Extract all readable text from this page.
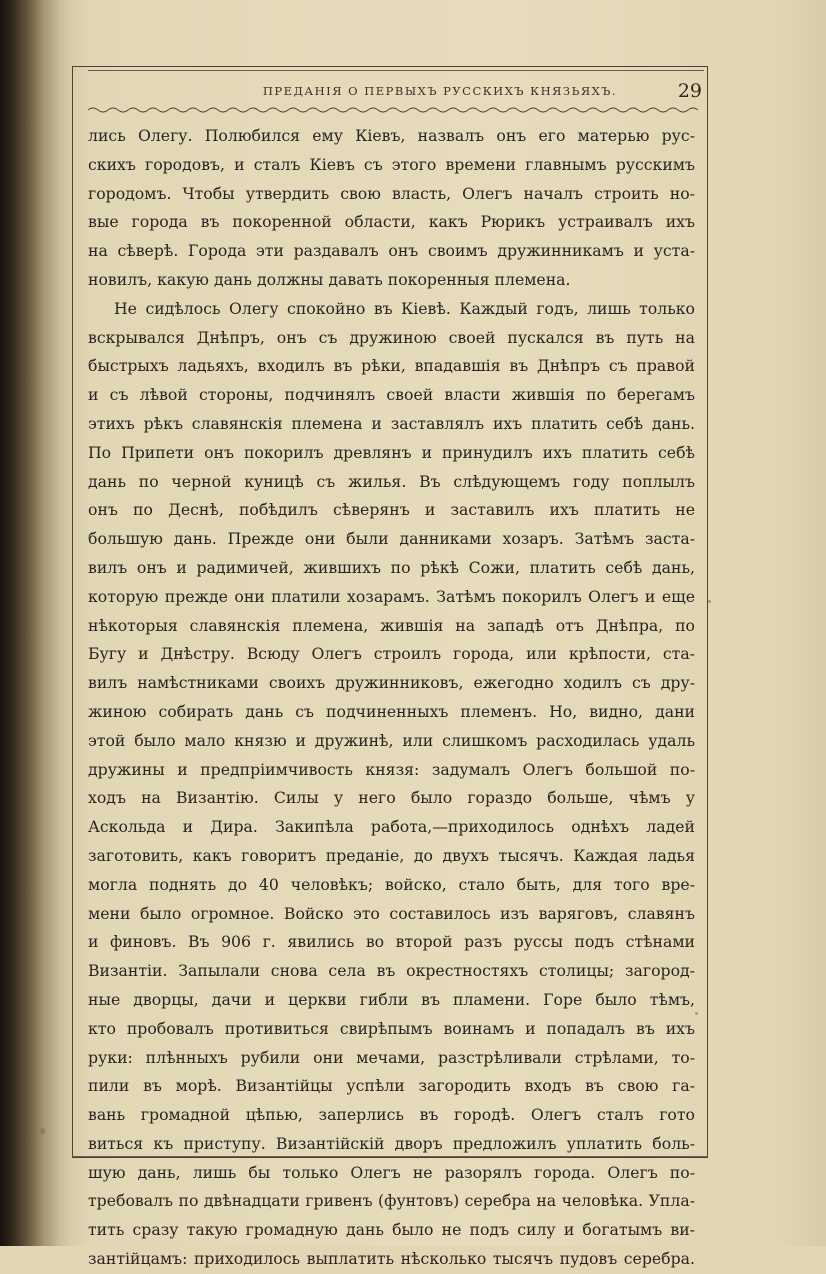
ПРЕДАНІЯ О ПЕРВЫХЪ РУССКИХЪ КНЯЗЬЯХЪ.	29
лись Олегу. Полюбился ему Кіевъ, назвалъ онъ его матерью рус-
скихъ городовъ, и сталъ Кіевъ съ этого времени главнымъ русскимъ
городомъ. Чтобы утвердить свою власть, Олегъ началъ строить но-
вые города въ покоренной области, какъ Рюрикъ устраивалъ ихъ
на сѣверѣ. Города эти раздавалъ онъ своимъ дружинникамъ и уста-
новилъ, какую дань должны давать покоренныя племена.
Не сидѣлось Олегу спокойно въ Кіевѣ. Каждый годъ, лишь только
вскрывался Днѣпръ, онъ съ дружиною своей пускался въ путь на
быстрыхъ ладьяхъ, входилъ въ рѣки, впадавшія въ Днѣпръ съ правой
и съ лѣвой стороны, подчинялъ своей власти жившія по берегамъ
этихъ рѣкъ славянскія племена и заставлялъ ихъ платить себѣ дань.
По Припети онъ покорилъ древлянъ и принудилъ ихъ платить себѣ
дань по черной куницѣ съ жилья. Въ слѣдующемъ году поплылъ
онъ по Деснѣ, побѣдилъ сѣверянъ и заставилъ ихъ платить не
большую дань. Прежде они были данниками хозаръ. Затѣмъ заста-
вилъ онъ и радимичей, жившихъ по рѣкѣ Сожи, платить себѣ дань,
которую прежде они платили хозарамъ. Затѣмъ покорилъ Олегъ и еще
нѣкоторыя славянскія племена, жившія на западѣ отъ Днѣпра, по
Бугу и Днѣстру. Всюду Олегъ строилъ города, или крѣпости, ста-
вилъ намѣстниками своихъ дружинниковъ, ежегодно ходилъ съ дру-
жиною собирать дань съ подчиненныхъ племенъ. Но, видно, дани
этой было мало князю и дружинѣ, или слишкомъ расходилась удаль
дружины и предпріимчивость князя: задумалъ Олегъ большой по-
ходъ на Византію. Силы у него было гораздо больше, чѣмъ у
Аскольда и Дира. Закипѣла работа,—приходилось однѣхъ ладей
заготовить, какъ говоритъ преданіе, до двухъ тысячъ. Каждая ладья
могла поднять до 40 человѣкъ; войско, стало быть, для того вре-
мени было огромное. Войско это составилось изъ варяговъ, славянъ
и финовъ. Въ 906 г. явились во второй разъ руссы подъ стѣнами
Византіи. Запылали снова села въ окрестностяхъ столицы; загород-
ные дворцы, дачи и церкви гибли въ пламени. Горе было тѣмъ,
кто пробовалъ противиться свирѣпымъ воинамъ и попадалъ въ ихъ
руки: плѣнныхъ рубили они мечами, разстрѣливали стрѣлами, то-
пили въ морѣ. Византійцы успѣли загородить входъ въ свою га-
вань громадной цѣпью, заперлись въ городѣ. Олегъ сталъ гото
виться къ приступу. Византійскій дворъ предложилъ уплатить боль-
шую дань, лишь бы только Олегъ не разорялъ города. Олегъ по-
требовалъ по двѣнадцати гривенъ (фунтовъ) серебра на человѣка. Упла-
тить сразу такую громадную дань было не подъ силу и богатымъ ви-
зантійцамъ: приходилось выплатить нѣсколько тысячъ пудовъ серебра.
